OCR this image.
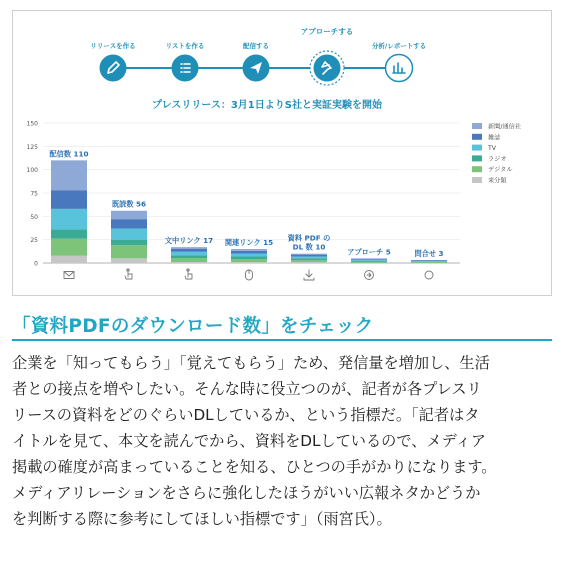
リリースを作る	リストを作る	配信する
アプローチする
分析/レポートする
プレスリリース：3月1日よりS社と実証実験を開始
0
25
50
75
100
125
150
配信数 110
既読数 56
文中リンク 17 関連リンク 15 資料 PDF の
DL 数 10
アプローチ 5	問合せ 3
新聞/通信社
雑誌
TV
ラジオ
デジタル
来分類
「資料PDFのダウンロード数」をチェック

企業を「知ってもらう」「覚えてもらう」ため、発信量を増加し、生活

者との接点を増やしたい。そんな時に役立つのが、記者が各プレスリ

リースの資料をどのぐらいDLしているか、という指標だ。「記者はタ

イトルを見て、本文を読んでから、資料をDLしているので、メディア

掲載の確度が高まっていることを知る、ひとつの手がかりになります。

メディアリレーションをさらに強化したほうがいい広報ネタかどうか

を判断する際に参考にしてほしい指標です」（雨宮氏）。
